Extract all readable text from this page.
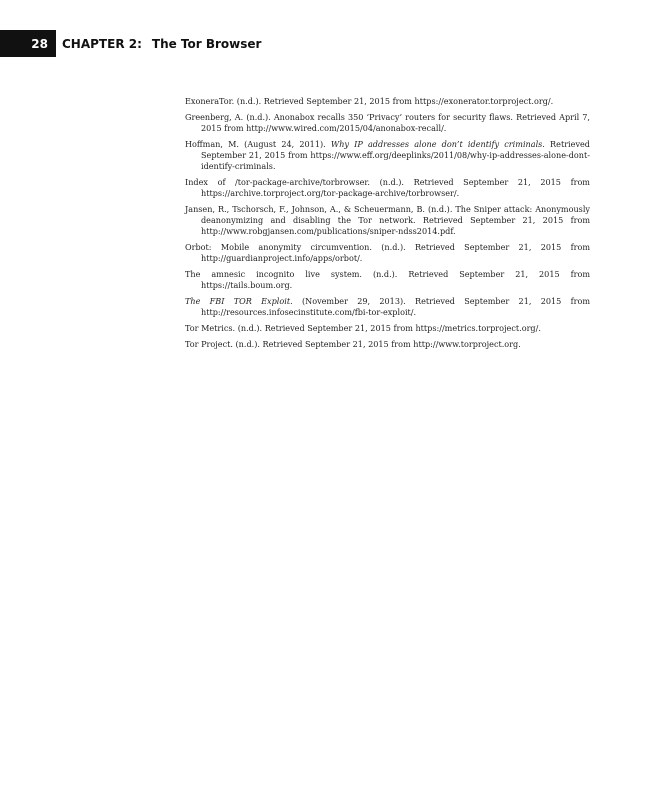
28	CHAPTER 2: The Tor Browser

ExoneraTor. (n.d.). Retrieved September 21, 2015 from https://exonerator.torproject.org/.

Greenberg, A. (n.d.). Anonabox recalls 350 ‘Privacy’ routers for security flaws. Retrieved April 7, 2015 from http://www.wired.com/2015/04/anonabox-recall/.

Hoffman, M. (August 24, 2011). Why IP addresses alone don’t identify criminals. Retrieved September 21, 2015 from https://www.eff.org/deeplinks/2011/08/why-ip-addresses-alone-dont-identify-criminals.

Index of /tor-package-archive/torbrowser. (n.d.). Retrieved September 21, 2015 from https://archive.torproject.org/tor-package-archive/torbrowser/.

Jansen, R., Tschorsch, F., Johnson, A., & Scheuermann, B. (n.d.). The Sniper attack: Anonymously deanonymizing and disabling the Tor network. Retrieved September 21, 2015 from http://www.robgjansen.com/publications/sniper-ndss2014.pdf.

Orbot: Mobile anonymity circumvention. (n.d.). Retrieved September 21, 2015 from http://guardianproject.info/apps/orbot/.

The amnesic incognito live system. (n.d.). Retrieved September 21, 2015 from https://tails.boum.org.

The FBI TOR Exploit. (November 29, 2013). Retrieved September 21, 2015 from http://resources.infosecinstitute.com/fbi-tor-exploit/.

Tor Metrics. (n.d.). Retrieved September 21, 2015 from https://metrics.torproject.org/.

Tor Project. (n.d.). Retrieved September 21, 2015 from http://www.torproject.org.
